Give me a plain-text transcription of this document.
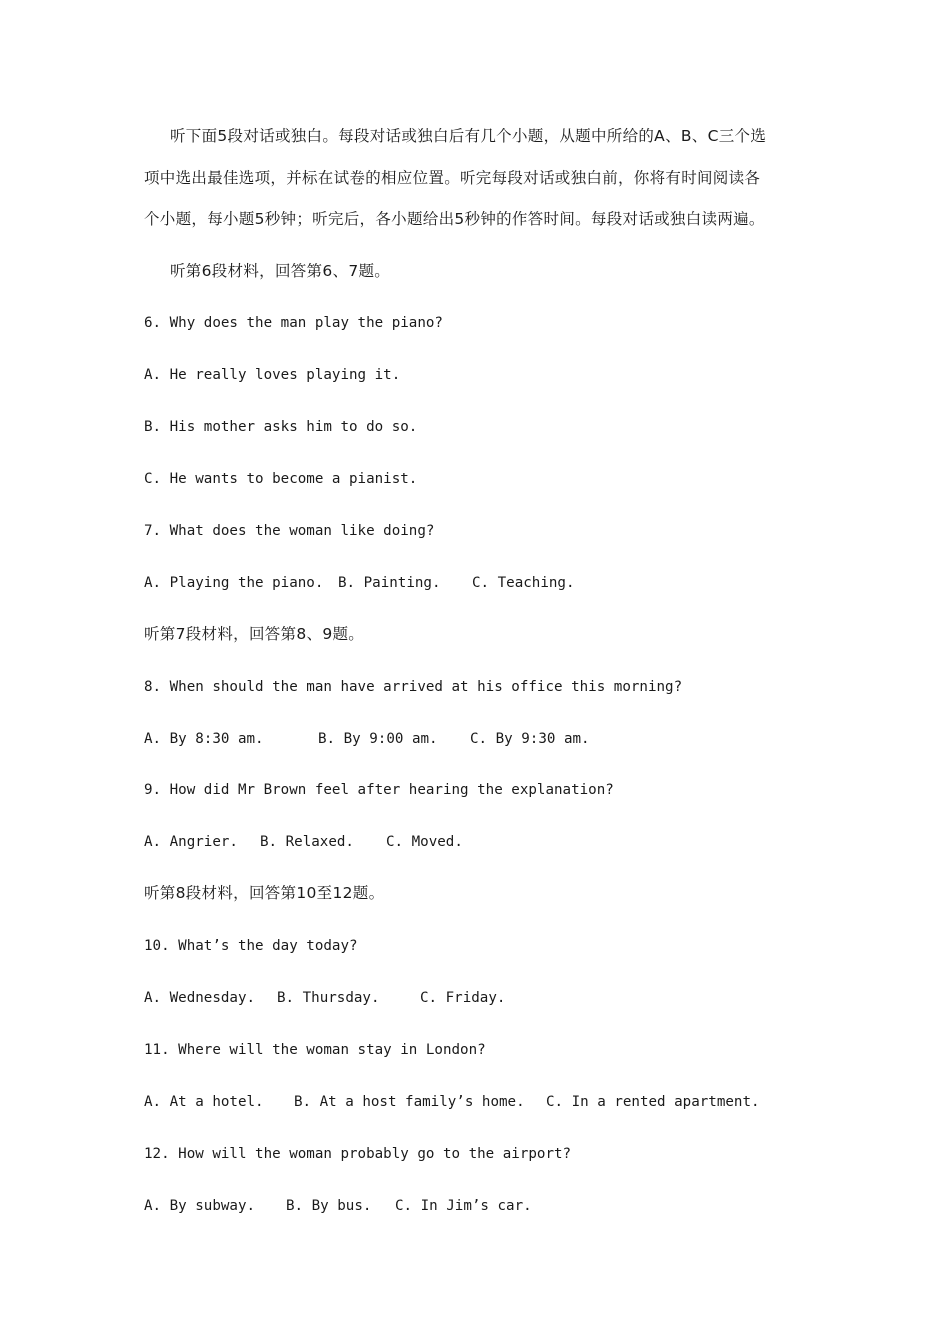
听下面5段对话或独白。每段对话或独白后有几个小题，从题中所给的A、B、C三个选
项中选出最佳选项，并标在试卷的相应位置。听完每段对话或独白前，你将有时间阅读各
个小题，每小题5秒钟；听完后，各小题给出5秒钟的作答时间。每段对话或独白读两遍。
听第6段材料，回答第6、7题。
6. Why does the man play the piano?
A. He really loves playing it.
B. His mother asks him to do so.
C. He wants to become a pianist.
7. What does the woman like doing?
A. Playing the piano. B. Painting. C. Teaching.
听第7段材料，回答第8、9题。
8. When should the man have arrived at his office this morning?
A. By 8:30 am.	B. By 9:00 am. C. By 9:30 am.
9. How did Mr Brown feel after hearing the explanation?
A. Angrier. B. Relaxed. C. Moved.
听第8段材料，回答第10至12题。
10. What’s the day today?
A. Wednesday. B. Thursday.	C. Friday.
11. Where will the woman stay in London?
A. At a hotel. B. At a host family’s home. C. In a rented apartment.
12. How will the woman probably go to the airport?
A. By subway. B. By bus. C. In Jim’s car.
